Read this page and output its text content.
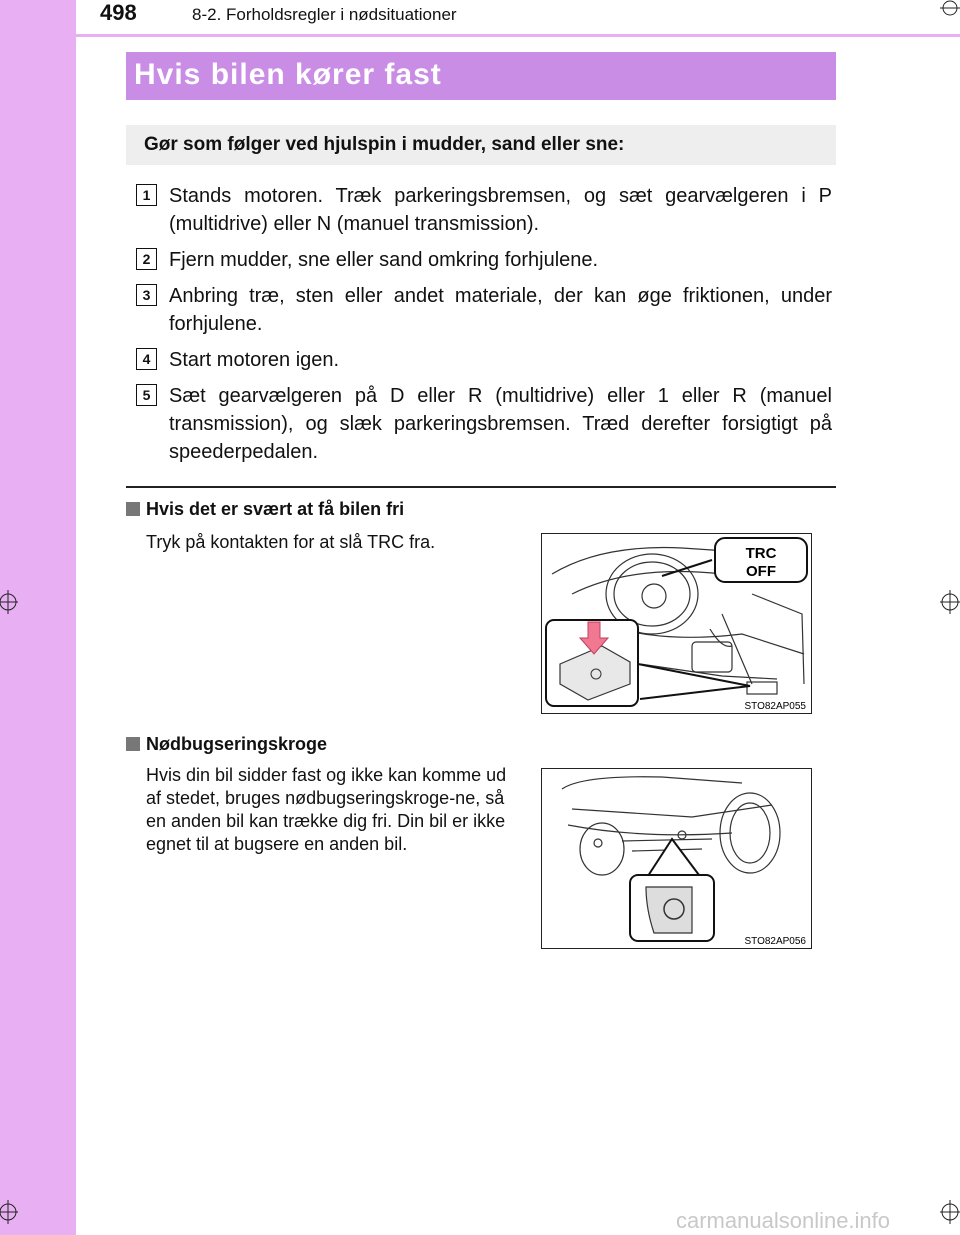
498	8-2. Forholdsregler i nødsituationer
Hvis bilen kører fast
Gør som følger ved hjulspin i mudder, sand eller sne:
1 Stands motoren. Træk parkeringsbremsen, og sæt gearvælgeren i P (multidrive) eller N (manuel transmission).
2 Fjern mudder, sne eller sand omkring forhjulene.
3 Anbring træ, sten eller andet materiale, der kan øge friktionen, under forhjulene.
4 Start motoren igen.
5 Sæt gearvælgeren på D eller R (multidrive) eller 1 eller R (manuel transmission), og slæk parkeringsbremsen. Træd derefter forsigtigt på speederpedalen.
Hvis det er svært at få bilen fri
Tryk på kontakten for at slå TRC fra.
TRC
OFF
STO82AP055
Nødbugseringskroge
Hvis din bil sidder fast og ikke kan komme ud af stedet, bruges nødbugseringskroge-ne, så en anden bil kan trække dig fri. Din bil er ikke egnet til at bugsere en anden bil.
STO82AP056
carmanualsonline.info
